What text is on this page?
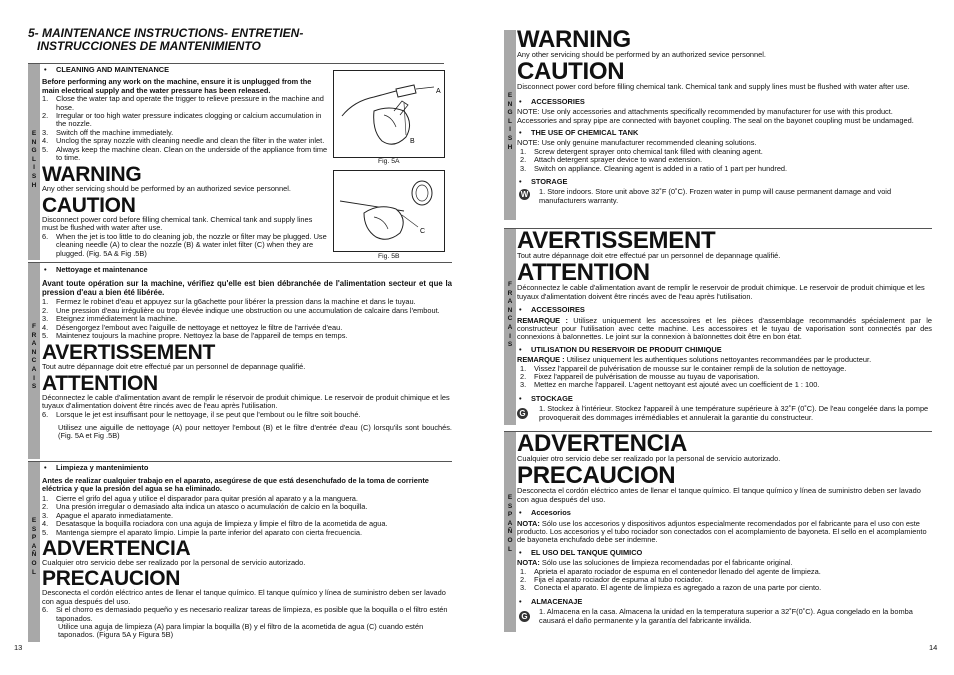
5- MAINTENANCE INSTRUCTIONS- ENTRETIEN-
INSTRUCCIONES DE MANTENIMIENTO
E
N
G
L
I
S
H
• CLEANING AND MAINTENANCE
Before performing any work on the machine, ensure it is unplugged from the main electrical supply and the water pressure has been released.
1. Close the water tap and operate the trigger to relieve pressure in the machine and hose.
2. Irregular or too high water pressure indicates clogging or calcium accumulation in the nozzle.
3. Switch off the machine immediately.
4. Unclog the spray nozzle with cleaning needle and clean the filter in the water inlet.
5. Always keep the machine clean. Clean on the underside of the appliance from time to time.
WARNING
Any other servicing should be performed by an authorized sevice personnel.
CAUTION
Disconnect power cord before filling chemical tank. Chemical tank and supply lines must be flushed with water after use.
6. When the jet is too little to do cleaning job, the nozzle or filter may be plugged. Use cleaning needle (A) to clear the nozzle (B) & water inlet filter (C) when they are plugged. (Fig. 5A & Fig .5B)
A
B
Fig. 5A
C
Fig. 5B
F
R
A
N
C
A
I
S
• Nettoyage et maintenance
Avant toute opération sur la machine, vérifiez qu'elle est bien débranchée de l'alimentation secteur et que la pression d'eau a bien été libérée.
1. Fermez le robinet d'eau et appuyez sur la g6achette pour libérer la pression dans la machine et dans le tuyau.
2. Une pression d'eau irrégulière ou trop élevée indique une obstruction ou une accumulation de calcaire dans l'embout.
3. Eteignez immédiatement la machine.
4. Désengorgez l'embout avec l'aiguille de nettoyage et nettoyez le filtre de l'arrivée d'eau.
5. Maintenez toujours la machine propre. Nettoyez la base de l'appareil de temps en temps.
AVERTISSEMENT
Tout autre dépannage doit etre effectué par un personnel de depannage qualifié.
ATTENTION
Déconnectez le cable d'alimentation avant de remplir le réservoir de produit chimique. Le reservoir de produit chimique et les tuyaux d'alimentation doivent être rincés avec de l'eau après l'utilisation.
6. Lorsque le jet est insuffisant pour le nettoyage, il se peut que l'embout ou le filtre soit bouché.
Utilisez une aiguille de nettoyage (A) pour nettoyer l'embout (B) et le filtre d'entrée d'eau (C) lorsqu'ils sont bouchés. (Fig. 5A et Fig .5B)
E
S
P
A
Ñ
O
L
• Limpieza y mantenimiento
Antes de realizar cualquier trabajo en el aparato, asegúrese de que está desenchufado de la toma de corriente eléctrica y que la presión del agua se ha eliminado.
1. Cierre el grifo del agua y utilice el disparador para quitar presión al aparato y a la manguera.
2. Una presión irregular o demasiado alta indica un atasco o acumulación de calcio en la boquilla.
3. Apague el aparato inmediatamente.
4. Desatasque la boquilla rociadora con una aguja de limpieza y limpie el filtro de la acometida de agua.
5. Mantenga siempre el aparato limpio. Limpie la parte inferior del aparato con cierta frecuencia.
ADVERTENCIA
Cualquier otro servicio debe ser realizado por la personal de servicio autorizado.
PRECAUCION
Desconecta el cordón eléctrico antes de llenar el tanque químico. El tanque químico y línea de suministro deben ser lavado con agua después del uso.
6. Si el chorro es demasiado pequeño y es necesario realizar tareas de limpieza, es posible que la boquilla o el filtro estén taponados.
Utilice una aguja de limpieza (A) para limpiar la boquilla (B) y el filtro de la acometida de agua (C) cuando estén taponados. (Figura 5A y Figura 5B)
13
E
N
G
L
I
S
H
WARNING
Any other servicing should be performed by an authorized sevice personnel.
CAUTION
Disconnect power cord before filling chemical tank. Chemical tank and supply lines must be flushed with water after use.
• ACCESSORIES
NOTE: Use only accessories and attachments specifically recommended by manufacturer for use with this product. Accessories and spray pipe are connected with bayonet coupling. The seal on the bayonet coupling must be undamaged.
• THE USE OF CHEMICAL TANK
NOTE: Use only genuine manufacturer recommended cleaning solutions.
1. Screw detergent sprayer onto chemical tank filled with cleaning agent.
2. Attach detergent sprayer device to wand extension.
3. Switch on appliance. Cleaning agent is added in a ratio of 1 part per hundred.
• STORAGE
W 1. Store indoors. Store unit above 32˚F (0˚C). Frozen water in pump will cause permanent damage and void manufacturers warranty.
F
R
A
N
C
A
I
S
AVERTISSEMENT
Tout autre dépannage doit etre effectué par un personnel de depannage qualifié.
ATTENTION
Déconnectez le cable d'alimentation avant de remplir le reservoir de produit chimique. Le reservoir de produit chimique et les tuyaux d'alimentation doivent être rincés avec de l'eau après l'utilisation.
• ACCESSOIRES
REMARQUE : Utilisez uniquement les accessoires et les pièces d'assemblage recommandés spécialement par le constructeur pour l'utilisation avec cette machine. Les accessoires et le tuyau de vaporisation sont connectés par des connexions à baïonnettes. Le joint sur la connexion à baïonnettes doit être en bon état.
• UTILISATION DU RESERVOIR DE PRODUIT CHIMIQUE
REMARQUE : Utilisez uniquement les authentiques solutions nettoyantes recommandées par le producteur.
1. Vissez l'appareil de pulvérisation de mousse sur le container rempli de la solution de nettoyage.
2. Fixez l'appareil de pulvérisation de mousse au tuyau de vaporisation.
3. Mettez en marche l'appareil. L'agent nettoyant est ajouté avec un coefficient de 1 : 100.
• STOCKAGE
G
1. Stockez à l'intérieur. Stockez l'appareil à une température supérieure à 32˚F (0˚C). De l'eau congelée dans la pompe provoquerait des dommages irrémédiables et annulerait la garantie du constructeur.
E
S
P
A
Ñ
O
L
ADVERTENCIA
Cualquier otro servicio debe ser realizado por la personal de servicio autorizado.
PRECAUCION
Desconecta el cordón eléctrico antes de llenar el tanque químico. El tanque químico y línea de suministro deben ser lavado con agua después del uso.
• Accesorios
NOTA: Sólo use los accesorios y dispositivos adjuntos especialmente recomendados por el fabricante para el uso con este producto. Los accesorios y el tubo rociador son conectados con el acomplamiento de bayoneta. El sello en el acomplamiento de bayoneta enchufado debe ser indemne.
• EL USO DEL TANQUE QUIMICO
NOTA: Sólo use las soluciones de limpieza recomendadas por el fabricante original.
1. Aprieta el aparato rociador de espuma en el contenedor llenado del agente de limpieza.
2. Fija el aparato rociador de espuma al tubo rociador.
3. Conecta el aparato. El agente de limpieza es agregado a razon de una parte por ciento.
• ALMACENAJE
G
1. Almacena en la casa. Almacena la unidad en la temperatura superior a 32˚F(0˚C). Agua congelado en la bomba causará el daño permanente y la garantía del fabricante inválida.
14
